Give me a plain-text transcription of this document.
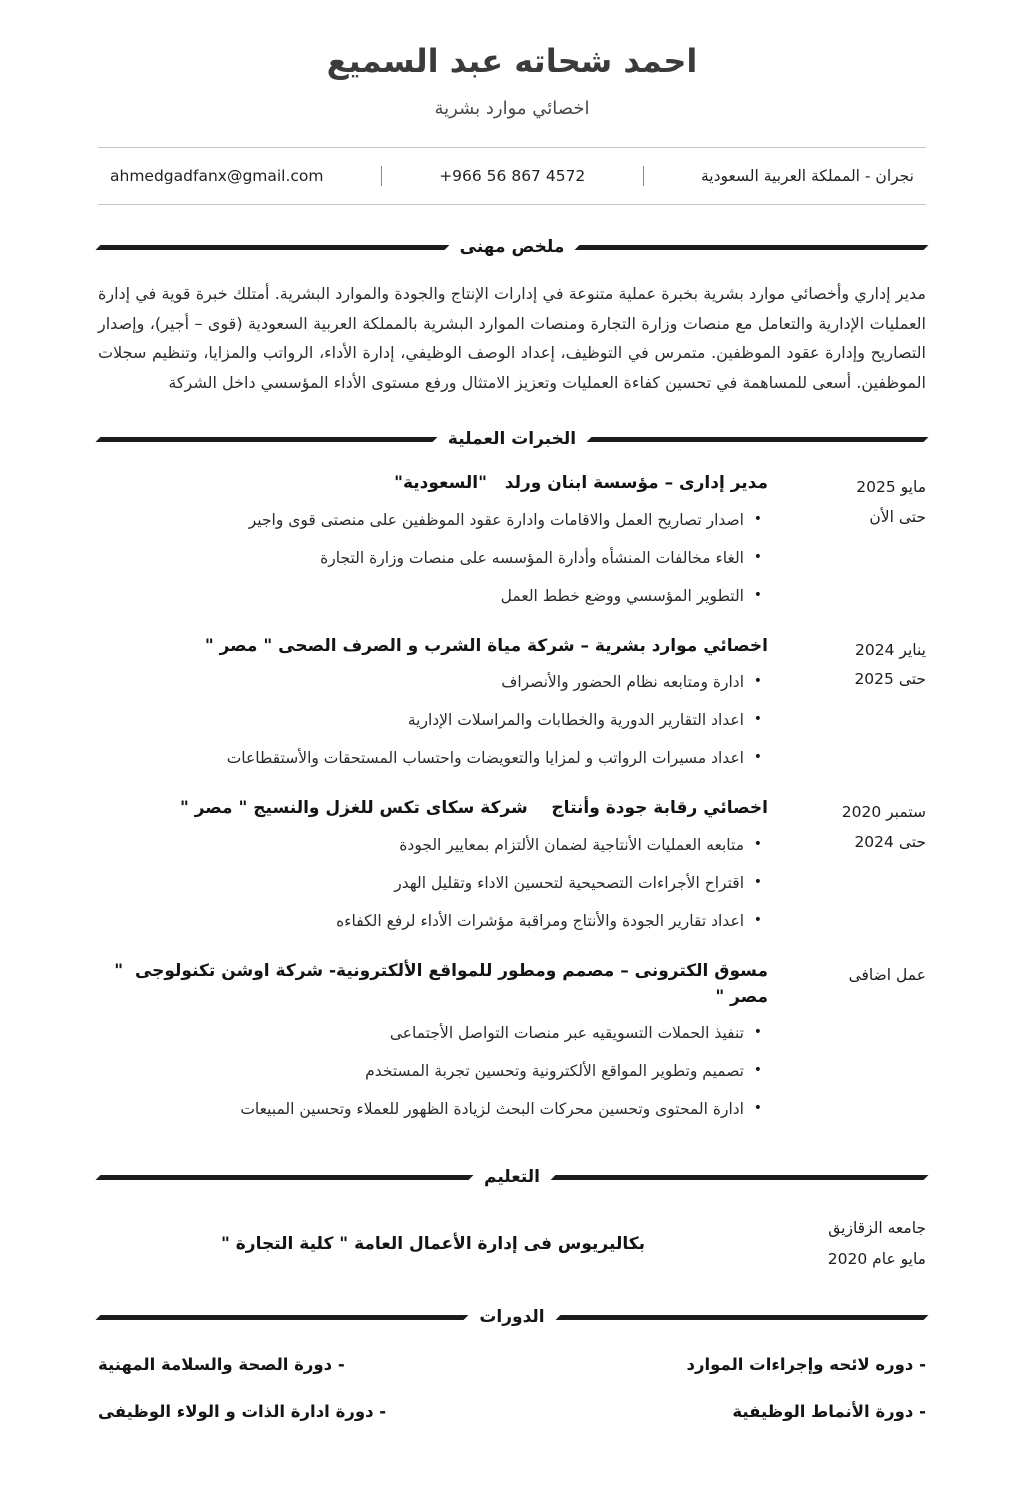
احمد شحاته عبد السميع
اخصائي موارد بشرية
نجران - المملكة العربية السعودية
+966 56 867 4572
ahmedgadfanx@gmail.com
ملخص مهنى

مدير إداري وأخصائي موارد بشرية بخبرة عملية متنوعة في إدارات الإنتاج والجودة والموارد البشرية. أمتلك خبرة قوية في إدارة العمليات الإدارية والتعامل مع منصات وزارة التجارة ومنصات الموارد البشرية بالمملكة العربية السعودية (قوى – أجير)، وإصدار التصاريح وإدارة عقود الموظفين. متمرس في التوظيف، إعداد الوصف الوظيفي، إدارة الأداء، الرواتب والمزايا، وتنظيم سجلات الموظفين. أسعى للمساهمة في تحسين كفاءة العمليات وتعزيز الامتثال ورفع مستوى الأداء المؤسسي داخل الشركة

الخبرات العملية
مايو 2025
حتى الأن
مدير إدارى – مؤسسة ابنان ورلد   "السعودية"
• اصدار تصاريح العمل والاقامات وادارة عقود الموظفين على منصتى قوى واجير
• الغاء مخالفات المنشأه وأدارة المؤسسه على منصات وزارة التجارة
• التطوير المؤسسي ووضع خطط العمل
يناير 2024
حتى 2025
اخصائي موارد بشرية – شركة مياة الشرب و الصرف الصحى " مصر "
• ادارة ومتابعه نظام الحضور والأنصراف
• اعداد التقارير الدورية والخطابات والمراسلات الإدارية
• اعداد مسيرات الرواتب و لمزايا والتعويضات واحتساب المستحقات والأستقطاعات
ستمبر 2020
حتى 2024
اخصائي رقابة جودة وأنتاج    شركة سكاى تكس للغزل والنسيج " مصر "
• متابعه العمليات الأنتاجية لضمان الألتزام بمعايير الجودة
• اقتراح الأجراءات التصحيحية لتحسين الاداء وتقليل الهدر
• اعداد تقارير الجودة والأنتاج ومراقبة مؤشرات الأداء لرفع الكفاءه
عمل اضافى
مسوق الكترونى – مصمم ومطور للمواقع الألكترونية- شركة اوشن تكنولوجى  " مصر "
• تنفيذ الحملات التسويقيه عبر منصات التواصل الأجتماعى
• تصميم وتطوير المواقع الألكترونية وتحسين تجربة المستخدم
• ادارة المحتوى وتحسين محركات البحث لزيادة الظهور للعملاء وتحسين المبيعات
التعليم
جامعه الزقازيق
مايو عام 2020
بكاليريوس فى إدارة الأعمال العامة " كلية التجارة "
الدورات
- دوره لائحه وإجراءات الموارد
- دورة الأنماط الوظيفية
- دورة الصحة والسلامة المهنية
- دورة ادارة الذات و الولاء الوظيفى
